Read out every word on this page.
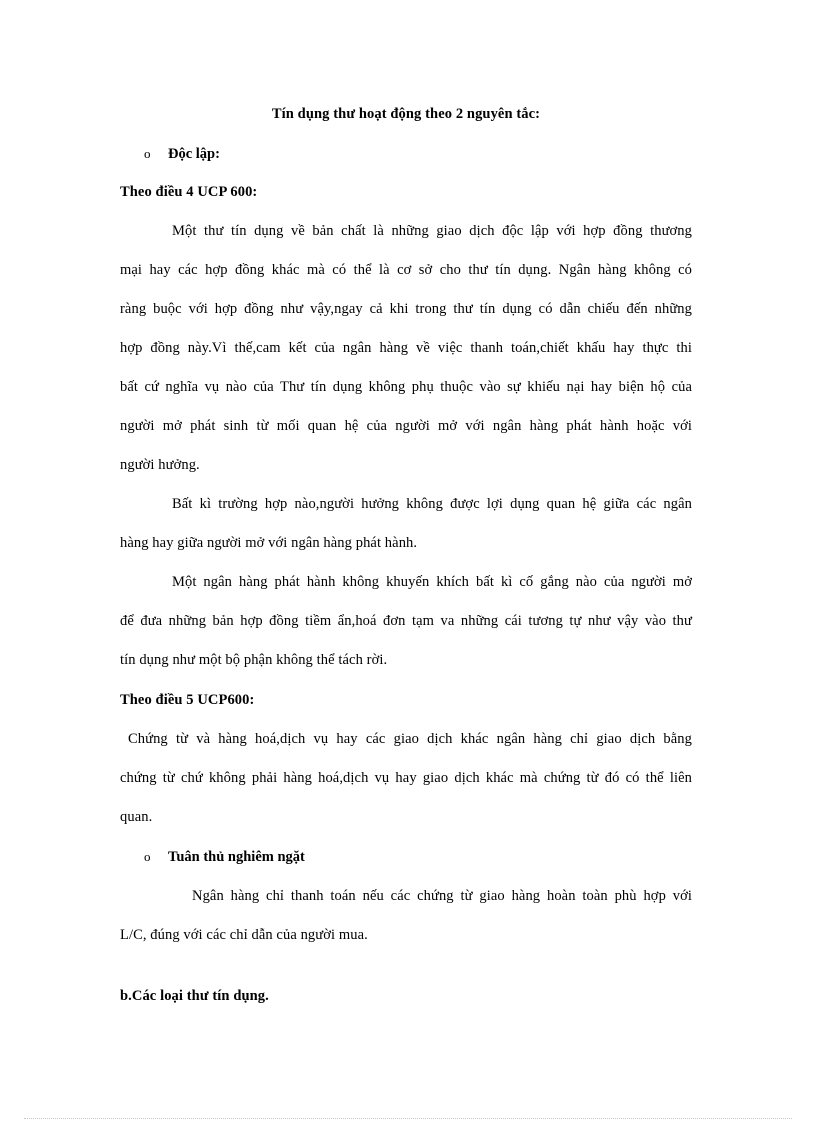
Tín dụng thư hoạt động theo 2 nguyên tắc:
o Độc lập:
Theo điều 4 UCP 600:
Một thư tín dụng về bản chất là những giao dịch độc lập với hợp đồng thương
mại hay các hợp đồng khác mà có thể là cơ sở cho thư tín dụng. Ngân hàng không có
ràng buộc với hợp đồng như vậy,ngay cả khi trong thư tín dụng có dẫn chiếu đến những
hợp đồng này.Vì thế,cam kết của ngân hàng về việc thanh toán,chiết khấu hay thực thi
bất cứ nghĩa vụ nào của Thư tín dụng không phụ thuộc vào sự khiếu nại hay biện hộ của
người mở phát sinh từ mối quan hệ của người mở với ngân hàng phát hành hoặc với
người hưởng.
Bất kì trường hợp nào,người hưởng không được lợi dụng quan hệ giữa các ngân
hàng hay giữa người mở với ngân hàng phát hành.
Một ngân hàng phát hành không khuyến khích bất kì cố gắng nào của người mở
để đưa những bản hợp đồng tiềm ẩn,hoá đơn tạm va những cái tương tự như vậy vào thư
tín dụng như một bộ phận không thể tách rời.
Theo điều 5 UCP600:
Chứng từ và hàng hoá,dịch vụ hay các giao dịch khác ngân hàng chỉ giao dịch bằng
chứng từ chứ không phải hàng hoá,dịch vụ hay giao dịch khác mà chứng từ đó có thể liên
quan.
o Tuân thủ nghiêm ngặt
Ngân hàng chỉ thanh toán nếu các chứng từ giao hàng hoàn toàn phù hợp với
L/C, đúng với các chỉ dẫn của người mua.
b.Các loại thư tín dụng.
